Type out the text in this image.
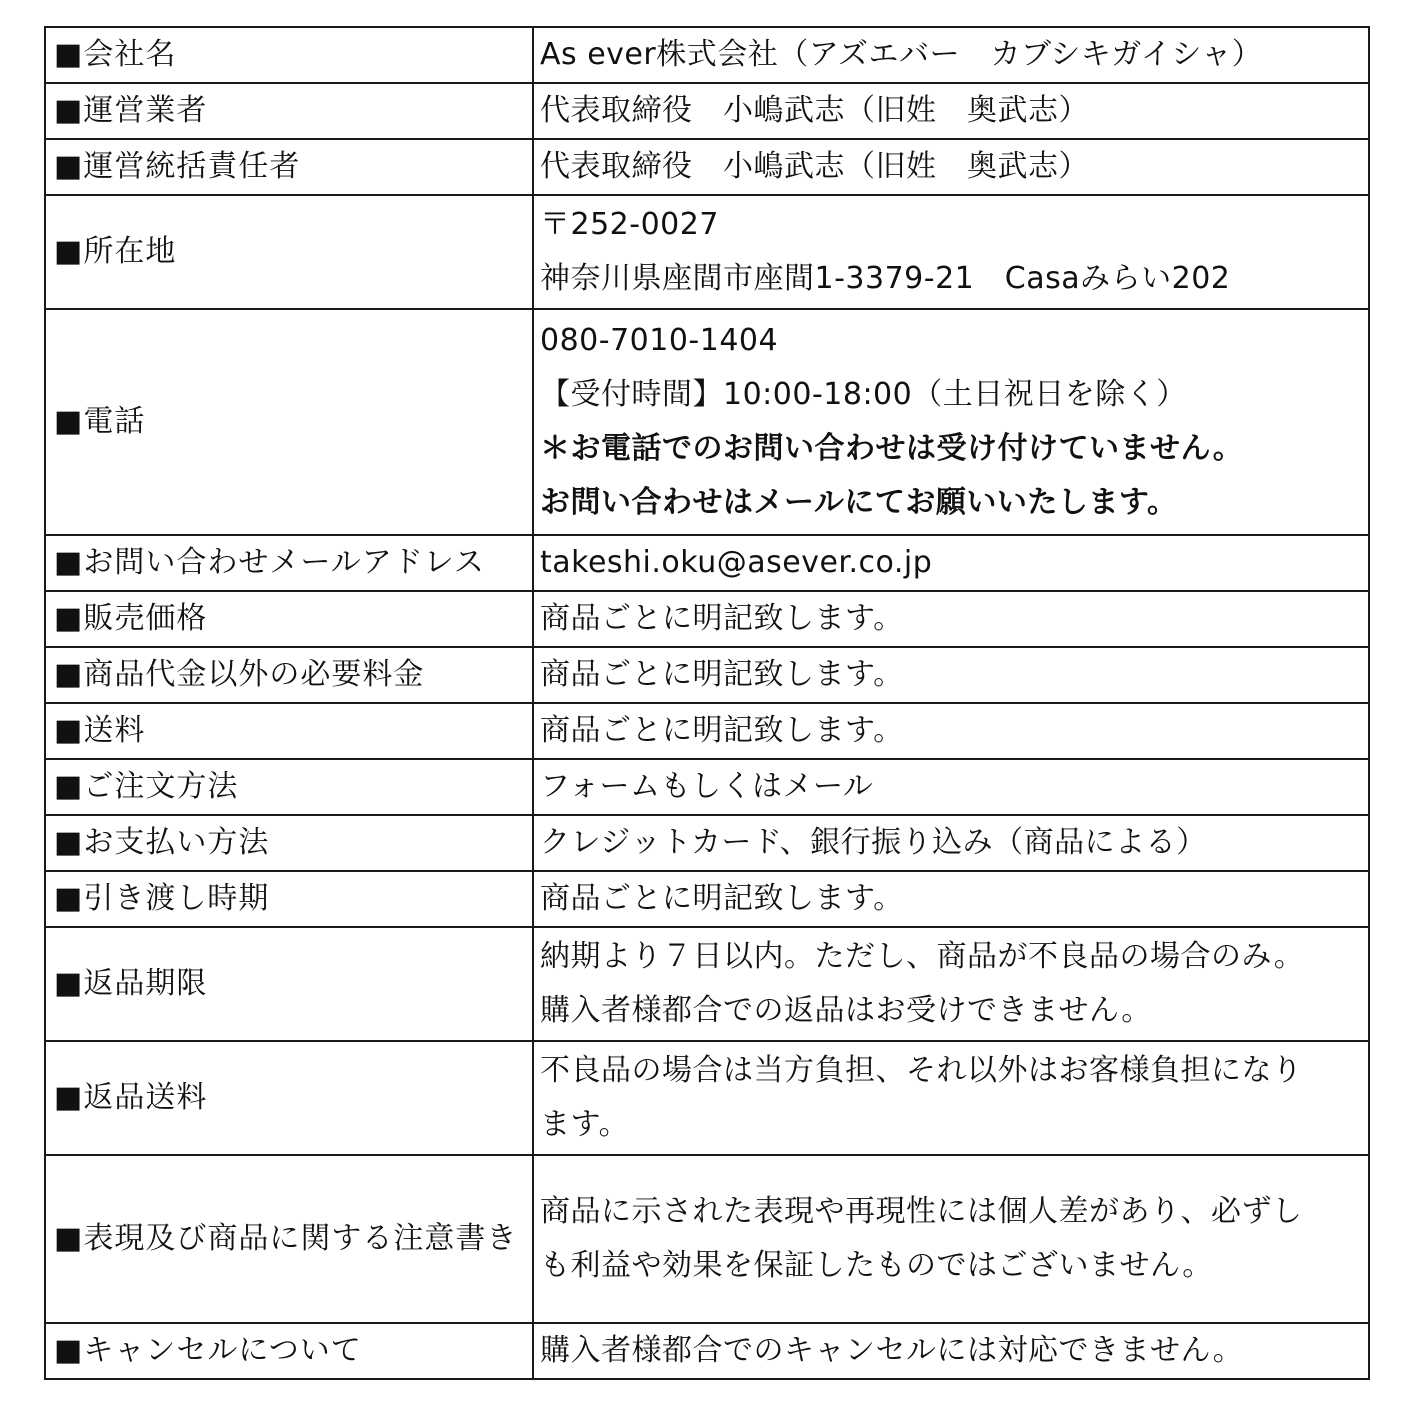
■会社名	As ever株式会社（アズエバー　カブシキガイシャ）

■運営業者	代表取締役　小嶋武志（旧姓　奥武志）

■運営統括責任者	代表取締役　小嶋武志（旧姓　奥武志）

■所在地	〒252-0027
神奈川県座間市座間1-3379-21　Casaみらい202

■電話	080-7010-1404
【受付時間】10:00-18:00（土日祝日を除く）
＊お電話でのお問い合わせは受け付けていません。
お問い合わせはメールにてお願いいたします。

■お問い合わせメールアドレス	takeshi.oku@asever.co.jp

■販売価格	商品ごとに明記致します。

■商品代金以外の必要料金	商品ごとに明記致します。

■送料	商品ごとに明記致します。

■ご注文方法	フォームもしくはメール

■お支払い方法	クレジットカード、銀行振り込み（商品による）

■引き渡し時期	商品ごとに明記致します。

■返品期限	納期より７日以内。ただし、商品が不良品の場合のみ。
購入者様都合での返品はお受けできません。

■返品送料	不良品の場合は当方負担、それ以外はお客様負担になり
ます。

■表現及び商品に関する注意書き	商品に示された表現や再現性には個人差があり、必ずし
も利益や効果を保証したものではございません。

■キャンセルについて	購入者様都合でのキャンセルには対応できません。
